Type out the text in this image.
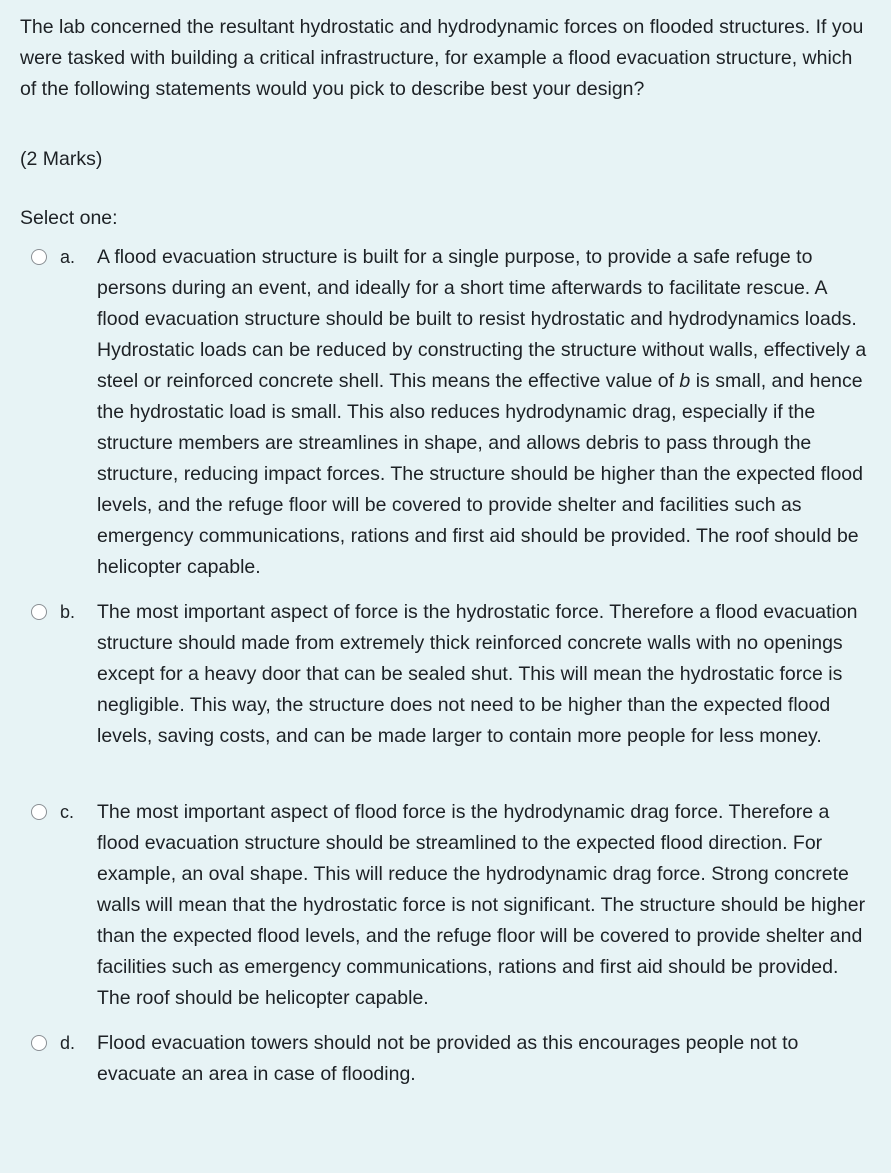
The lab concerned the resultant hydrostatic and hydrodynamic forces on flooded structures. If you were tasked with building a critical infrastructure, for example a flood evacuation structure, which of the following statements would you pick to describe best your design?

(2 Marks)

Select one:

a. A flood evacuation structure is built for a single purpose, to provide a safe refuge to persons during an event, and ideally for a short time afterwards to facilitate rescue. A flood evacuation structure should be built to resist hydrostatic and hydrodynamics loads. Hydrostatic loads can be reduced by constructing the structure without walls, effectively a steel or reinforced concrete shell. This means the effective value of b is small, and hence the hydrostatic load is small. This also reduces hydrodynamic drag, especially if the structure members are streamlines in shape, and allows debris to pass through the structure, reducing impact forces. The structure should be higher than the expected flood levels, and the refuge floor will be covered to provide shelter and facilities such as emergency communications, rations and first aid should be provided. The roof should be helicopter capable.
b. The most important aspect of force is the hydrostatic force. Therefore a flood evacuation structure should made from extremely thick reinforced concrete walls with no openings except for a heavy door that can be sealed shut. This will mean the hydrostatic force is negligible. This way, the structure does not need to be higher than the expected flood levels, saving costs, and can be made larger to contain more people for less money.
c. The most important aspect of flood force is the hydrodynamic drag force. Therefore a flood evacuation structure should be streamlined to the expected flood direction. For example, an oval shape. This will reduce the hydrodynamic drag force. Strong concrete walls will mean that the hydrostatic force is not significant. The structure should be higher than the expected flood levels, and the refuge floor will be covered to provide shelter and facilities such as emergency communications, rations and first aid should be provided. The roof should be helicopter capable.
d. Flood evacuation towers should not be provided as this encourages people not to evacuate an area in case of flooding.
